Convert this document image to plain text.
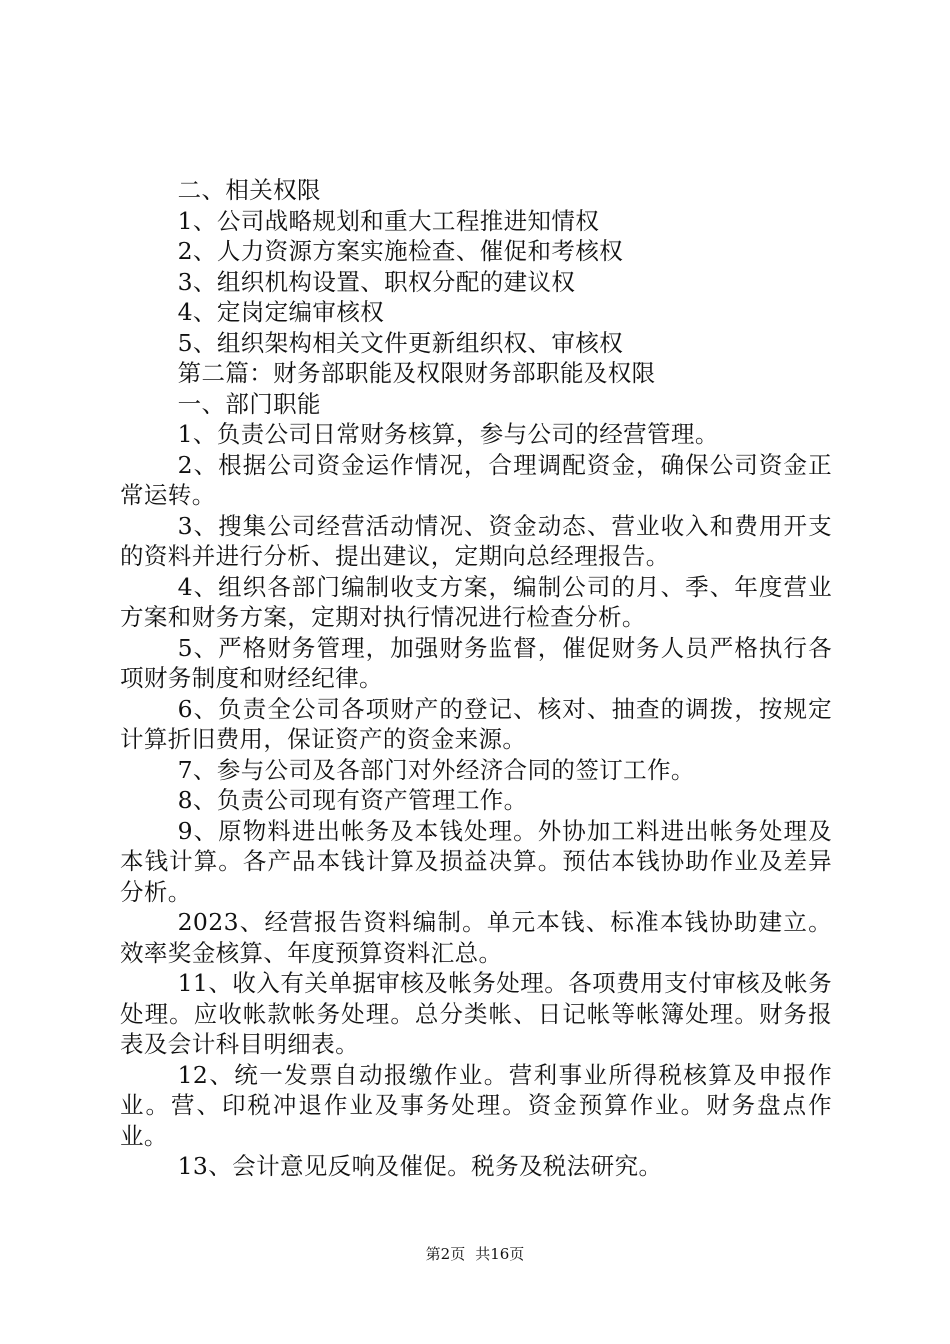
二、相关权限

1、公司战略规划和重大工程推进知情权

2、人力资源方案实施检查、催促和考核权

3、组织机构设置、职权分配的建议权

4、定岗定编审核权

5、组织架构相关文件更新组织权、审核权

第二篇：财务部职能及权限财务部职能及权限

一、部门职能

1、负责公司日常财务核算，参与公司的经营管理。

2、根据公司资金运作情况，合理调配资金，确保公司资金正常运转。

3、搜集公司经营活动情况、资金动态、营业收入和费用开支的资料并进行分析、提出建议，定期向总经理报告。

4、组织各部门编制收支方案，编制公司的月、季、年度营业方案和财务方案，定期对执行情况进行检查分析。

5、严格财务管理，加强财务监督，催促财务人员严格执行各项财务制度和财经纪律。

6、负责全公司各项财产的登记、核对、抽查的调拨，按规定计算折旧费用，保证资产的资金来源。

7、参与公司及各部门对外经济合同的签订工作。

8、负责公司现有资产管理工作。

9、原物料进出帐务及本钱处理。外协加工料进出帐务处理及本钱计算。各产品本钱计算及损益决算。预估本钱协助作业及差异分析。

2023、经营报告资料编制。单元本钱、标准本钱协助建立。效率奖金核算、年度预算资料汇总。

11、收入有关单据审核及帐务处理。各项费用支付审核及帐务处理。应收帐款帐务处理。总分类帐、日记帐等帐簿处理。财务报表及会计科目明细表。

12、统一发票自动报缴作业。营利事业所得税核算及申报作业。营、印税冲退作业及事务处理。资金预算作业。财务盘点作业。

13、会计意见反响及催促。税务及税法研究。

第2页 共16页
